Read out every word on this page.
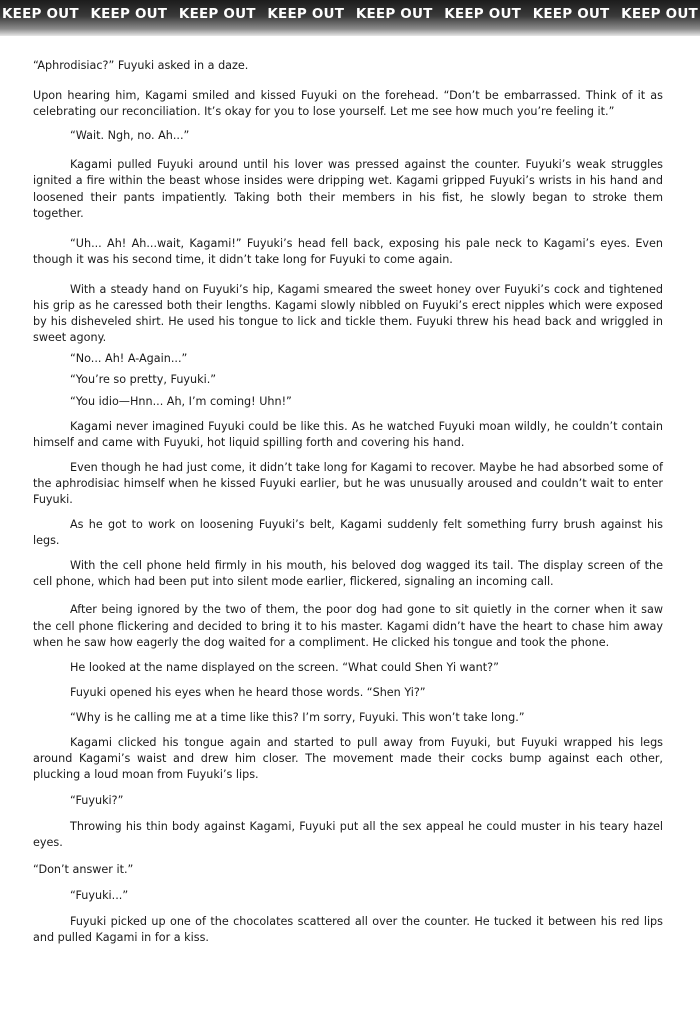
KEEP OUT KEEP OUT KEEP OUT KEEP OUT KEEP OUT KEEP OUT KEEP OUT KEEP OUT

“Aphrodisiac?” Fuyuki asked in a daze.

Upon hearing him, Kagami smiled and kissed Fuyuki on the forehead. “Don’t be embarrassed. Think of it as celebrating our reconciliation. It’s okay for you to lose yourself. Let me see how much you’re feeling it.”

“Wait. Ngh, no. Ah...”

Kagami pulled Fuyuki around until his lover was pressed against the counter. Fuyuki’s weak struggles ignited a fire within the beast whose insides were dripping wet. Kagami gripped Fuyuki’s wrists in his hand and loosened their pants impatiently. Taking both their members in his fist, he slowly began to stroke them together.

“Uh... Ah! Ah...wait, Kagami!” Fuyuki’s head fell back, exposing his pale neck to Kagami’s eyes. Even though it was his second time, it didn’t take long for Fuyuki to come again.

With a steady hand on Fuyuki’s hip, Kagami smeared the sweet honey over Fuyuki’s cock and tightened his grip as he caressed both their lengths. Kagami slowly nibbled on Fuyuki’s erect nipples which were exposed by his disheveled shirt. He used his tongue to lick and tickle them. Fuyuki threw his head back and wriggled in sweet agony.

“No... Ah! A-Again...”

“You’re so pretty, Fuyuki.”

“You idio—Hnn... Ah, I’m coming! Uhn!”

Kagami never imagined Fuyuki could be like this. As he watched Fuyuki moan wildly, he couldn’t contain himself and came with Fuyuki, hot liquid spilling forth and covering his hand.

Even though he had just come, it didn’t take long for Kagami to recover. Maybe he had absorbed some of the aphrodisiac himself when he kissed Fuyuki earlier, but he was unusually aroused and couldn’t wait to enter Fuyuki.

As he got to work on loosening Fuyuki’s belt, Kagami suddenly felt something furry brush against his legs.

With the cell phone held firmly in his mouth, his beloved dog wagged its tail. The display screen of the cell phone, which had been put into silent mode earlier, flickered, signaling an incoming call.

After being ignored by the two of them, the poor dog had gone to sit quietly in the corner when it saw the cell phone flickering and decided to bring it to his master. Kagami didn’t have the heart to chase him away when he saw how eagerly the dog waited for a compliment. He clicked his tongue and took the phone.

He looked at the name displayed on the screen. “What could Shen Yi want?”

Fuyuki opened his eyes when he heard those words. “Shen Yi?”

“Why is he calling me at a time like this? I’m sorry, Fuyuki. This won’t take long.”

Kagami clicked his tongue again and started to pull away from Fuyuki, but Fuyuki wrapped his legs around Kagami’s waist and drew him closer. The movement made their cocks bump against each other, plucking a loud moan from Fuyuki’s lips.

“Fuyuki?”

Throwing his thin body against Kagami, Fuyuki put all the sex appeal he could muster in his teary hazel eyes.

“Don’t answer it.”

“Fuyuki...”

Fuyuki picked up one of the chocolates scattered all over the counter. He tucked it between his red lips and pulled Kagami in for a kiss.
